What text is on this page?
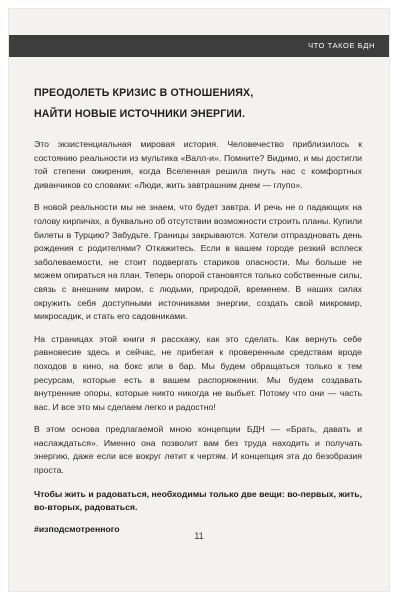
ЧТО ТАКОЕ БДН
ПРЕОДОЛЕТЬ КРИЗИС В ОТНОШЕНИЯХ,
НАЙТИ НОВЫЕ ИСТОЧНИКИ ЭНЕРГИИ.

Это экзистенциальная мировая история. Человечество приблизилось к состоянию реальности из мультика «Валл-и». Помните? Видимо, и мы достигли той степени ожирения, когда Вселенная решила пнуть нас с комфортных диванчиков со словами: «Люди, жить завтрашним днем — глупо».

В новой реальности мы не знаем, что будет завтра. И речь не о падающих на голову кирпичах, а буквально об отсутствии возможности строить планы. Купили билеты в Турцию? Забудьте. Границы закрываются. Хотели отпраздновать день рождения с родителями? Откажитесь. Если в вашем городе резкий всплеск заболеваемости, не стоит подвергать стариков опасности. Мы больше не можем опираться на план. Теперь опорой становятся только собственные силы, связь с внешним миром, с людьми, природой, временем. В наших силах окружить себя доступными источниками энергии, создать свой микромир, микросадик, и стать его садовниками.

На страницах этой книги я расскажу, как это сделать. Как вернуть себе равновесие здесь и сейчас, не прибегая к проверенным средствам вроде походов в кино, на бокс или в бар. Мы будем обращаться только к тем ресурсам, которые есть в вашем распоряжении. Мы будем создавать внутренние опоры, которые никто никогда не выбьет. Потому что они — часть вас. И все это мы сделаем легко и радостно!

В этом основа предлагаемой мною концепции БДН — «Брать, давать и наслаждаться». Именно она позволит вам без труда находить и получать энергию, даже если все вокруг летит к чертям. И концепция эта до безобразия проста.

Чтобы жить и радоваться, необходимы только две вещи: во-первых, жить, во-вторых, радоваться.

#изподсмотренного

11
